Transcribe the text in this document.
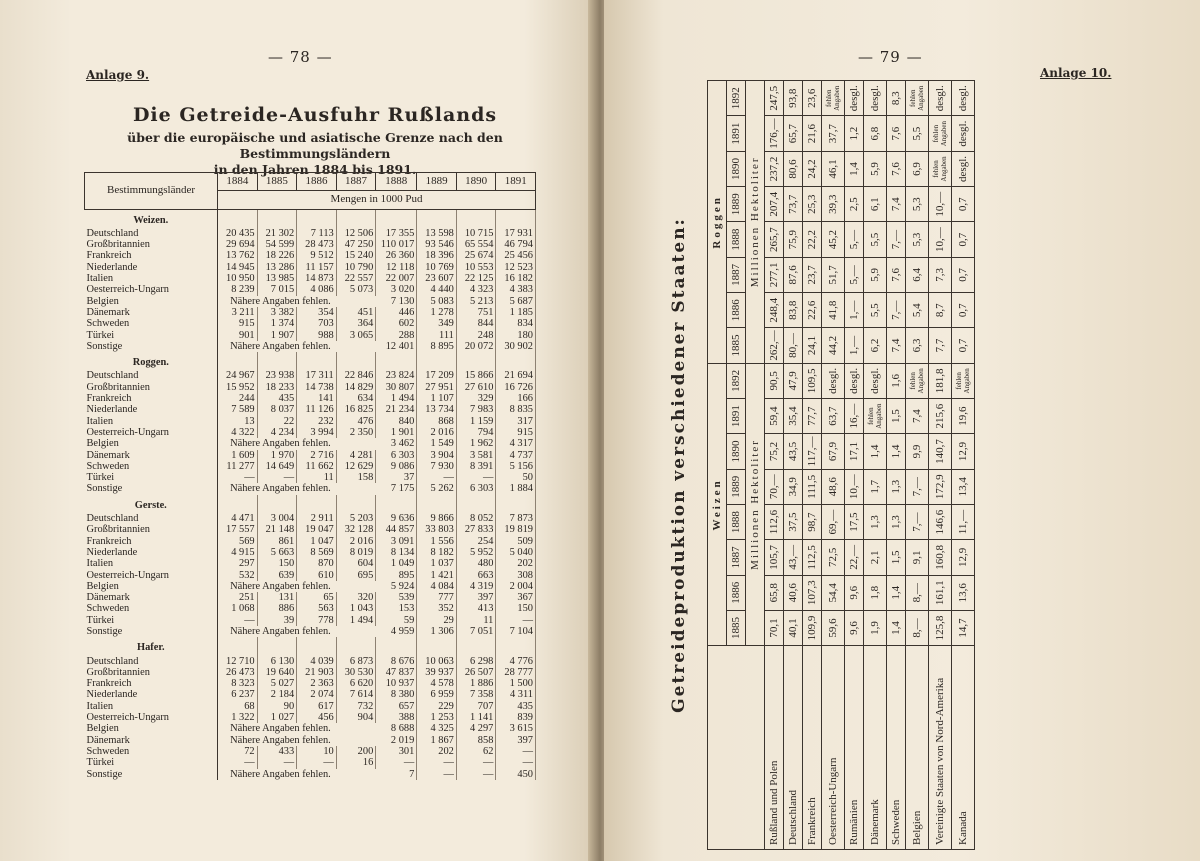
— 78 —
Anlage 9.
Die Getreide-Ausfuhr Rußlands
über die europäische und asiatische Grenze nach den Bestimmungsländern
in den Jahren 1884 bis 1891.
Bestimmungsländer	1884	1885	1886	1887	1888	1889	1890	1891
	Mengen in 1000 Pud							
Weizen.								
Deutschland	20 435	21 302	7 113	12 506	17 355	13 598	10 715	17 931
Großbritannien	29 694	54 599	28 473	47 250	110 017	93 546	65 554	46 794
Frankreich	13 762	18 226	9 512	15 240	26 360	18 396	25 674	25 456
Niederlande	14 945	13 286	11 157	10 790	12 118	10 769	10 553	12 523
Italien	10 950	13 985	14 873	22 557	22 007	23 607	22 125	16 182
Oesterreich-Ungarn	8 239	7 015	4 086	5 073	3 020	4 440	4 323	4 383
Belgien	Nähere Angaben fehlen.				7 130	5 083	5 213	5 687
Dänemark	3 211	3 382	354	451	446	1 278	751	1 185
Schweden	915	1 374	703	364	602	349	844	834
Türkei	901	1 907	988	3 065	288	111	248	180
Sonstige	Nähere Angaben fehlen.				12 401	8 895	20 072	30 902
Roggen.								
Deutschland	24 967	23 938	17 311	22 846	23 824	17 209	15 866	21 694
Großbritannien	15 952	18 233	14 738	14 829	30 807	27 951	27 610	16 726
Frankreich	244	435	141	634	1 494	1 107	329	166
Niederlande	7 589	8 037	11 126	16 825	21 234	13 734	7 983	8 835
Italien	13	22	232	476	840	868	1 159	317
Oesterreich-Ungarn	4 322	4 234	3 994	2 350	1 901	2 016	794	915
Belgien	Nähere Angaben fehlen.				3 462	1 549	1 962	4 317
Dänemark	1 609	1 970	2 716	4 281	6 303	3 904	3 581	4 737
Schweden	11 277	14 649	11 662	12 629	9 086	7 930	8 391	5 156
Türkei	—	—	11	158	37	—	—	50
Sonstige	Nähere Angaben fehlen.				7 175	5 262	6 303	1 884
Gerste.								
Deutschland	4 471	3 004	2 911	5 203	9 636	9 866	8 052	7 873
Großbritannien	17 557	21 148	19 047	32 128	44 857	33 803	27 833	19 819
Frankreich	569	861	1 047	2 016	3 091	1 556	254	509
Niederlande	4 915	5 663	8 569	8 019	8 134	8 182	5 952	5 040
Italien	297	150	870	604	1 049	1 037	480	202
Oesterreich-Ungarn	532	639	610	695	895	1 421	663	308
Belgien	Nähere Angaben fehlen.				5 924	4 084	4 319	2 004
Dänemark	251	131	65	320	539	777	397	367
Schweden	1 068	886	563	1 043	153	352	413	150
Türkei	—	39	778	1 494	59	29	11	—
Sonstige	Nähere Angaben fehlen.				4 959	1 306	7 051	7 104
Hafer.								
Deutschland	12 710	6 130	4 039	6 873	8 676	10 063	6 298	4 776
Großbritannien	26 473	19 640	21 903	30 530	47 837	39 937	26 507	28 777
Frankreich	8 323	5 027	2 363	6 620	10 937	4 578	1 886	1 500
Niederlande	6 237	2 184	2 074	7 614	8 380	6 959	7 358	4 311
Italien	68	90	617	732	657	229	707	435
Oesterreich-Ungarn	1 322	1 027	456	904	388	1 253	1 141	839
Belgien	Nähere Angaben fehlen.				8 688	4 325	4 297	3 615
Dänemark	Nähere Angaben fehlen.				2 019	1 867	858	397
Schweden	72	433	10	200	301	202	62	—
Türkei	—	—	—	16	—	—	—	—
Sonstige	Nähere Angaben fehlen.				7	—	—	450
— 79 —
Anlage 10.
Getreideproduktion verschiedener Staaten:
	Weizen								Roggen							
	1885	1886	1887	1888	1889	1890	1891	1892	1885	1886	1887	1888	1889	1890	1891	1892
	Millionen Hektoliter								Millionen Hektoliter							
Rußland und Polen	70,1	65,8	105,7	112,6	70,—	75,2	59,4	90,5	262,—	248,4	277,1	265,7	207,4	237,2	176,—	247,5
Deutschland	40,1	40,6	43,—	37,5	34,9	43,5	35,4	47,9	80,—	83,8	87,6	75,9	73,7	80,6	65,7	93,8
Frankreich	109,9	107,3	112,5	98,7	111,5	117,—	77,7	109,5	24,1	22,6	23,7	22,2	25,3	24,2	21,6	23,6
Oesterreich-Ungarn	59,6	54,4	72,5	69,—	48,6	67,9	63,7	desgl.	44,2	41,8	51,7	45,2	39,3	46,1	37,7	fehlen Angaben
Rumänien	9,6	9,6	22,—	17,5	10,—	17,1	16,—	desgl.	1,—	1,—	5,—	5,—	2,5	1,4	1,2	desgl.
Dänemark	1,9	1,8	2,1	1,3	1,7	1,4	fehlen Angaben	desgl.	6,2	5,5	5,9	5,5	6,1	5,9	6,8	desgl.
Schweden	1,4	1,4	1,5	1,3	1,3	1,4	1,5	1,6	7,4	7,—	7,6	7,—	7,4	7,6	7,6	8,3
Belgien	8,—	8,—	9,1	7,—	7,—	9,9	7,4	fehlen Angaben	6,3	5,4	6,4	5,3	5,3	6,9	5,5	fehlen Angaben
Vereinigte Staaten von Nord-Amerika	125,8	161,1	160,8	146,6	172,9	140,7	215,6	181,8	7,7	8,7	7,3	10,—	10,—	fehlen Angaben	fehlen Angaben	desgl.
Kanada	14,7	13,6	12,9	11,—	13,4	12,9	19,6	fehlen Angaben	0,7	0,7	0,7	0,7	0,7	desgl.	desgl.	desgl.
